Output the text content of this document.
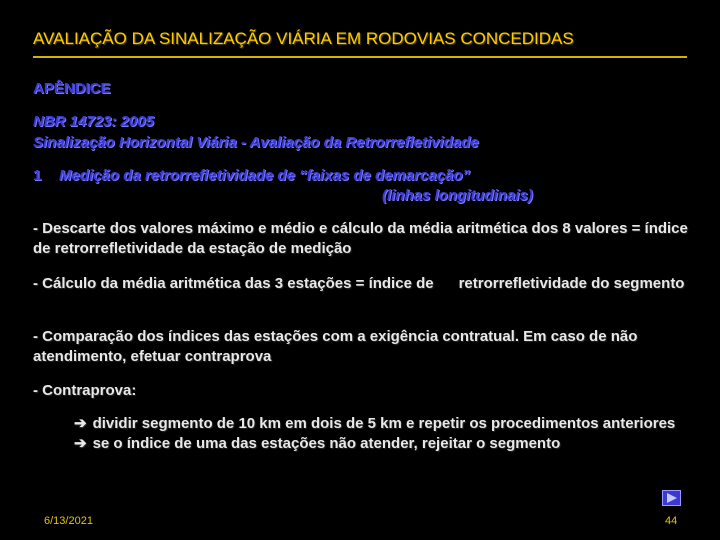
AVALIAÇÃO DA SINALIZAÇÃO VIÁRIA EM RODOVIAS CONCEDIDAS
APÊNDICE
NBR 14723: 2005
Sinalização Horizontal Viária - Avaliação da Retrorrefletividade
1 Medição da retrorrefletividade de “faixas de demarcação”
(linhas longitudinais)
- Descarte dos valores máximo e médio e cálculo da média aritmética dos 8 valores = índice de retrorrefletividade da estação de medição
- Cálculo da média aritmética das 3 estações = índice de      retrorrefletividade do segmento
- Comparação dos índices das estações com a exigência contratual. Em caso de não atendimento, efetuar contraprova
- Contraprova:
➔ dividir segmento de 10 km em dois de 5 km e repetir os procedimentos anteriores
➔ se o índice de uma das estações não atender, rejeitar o segmento
6/13/2021	44
